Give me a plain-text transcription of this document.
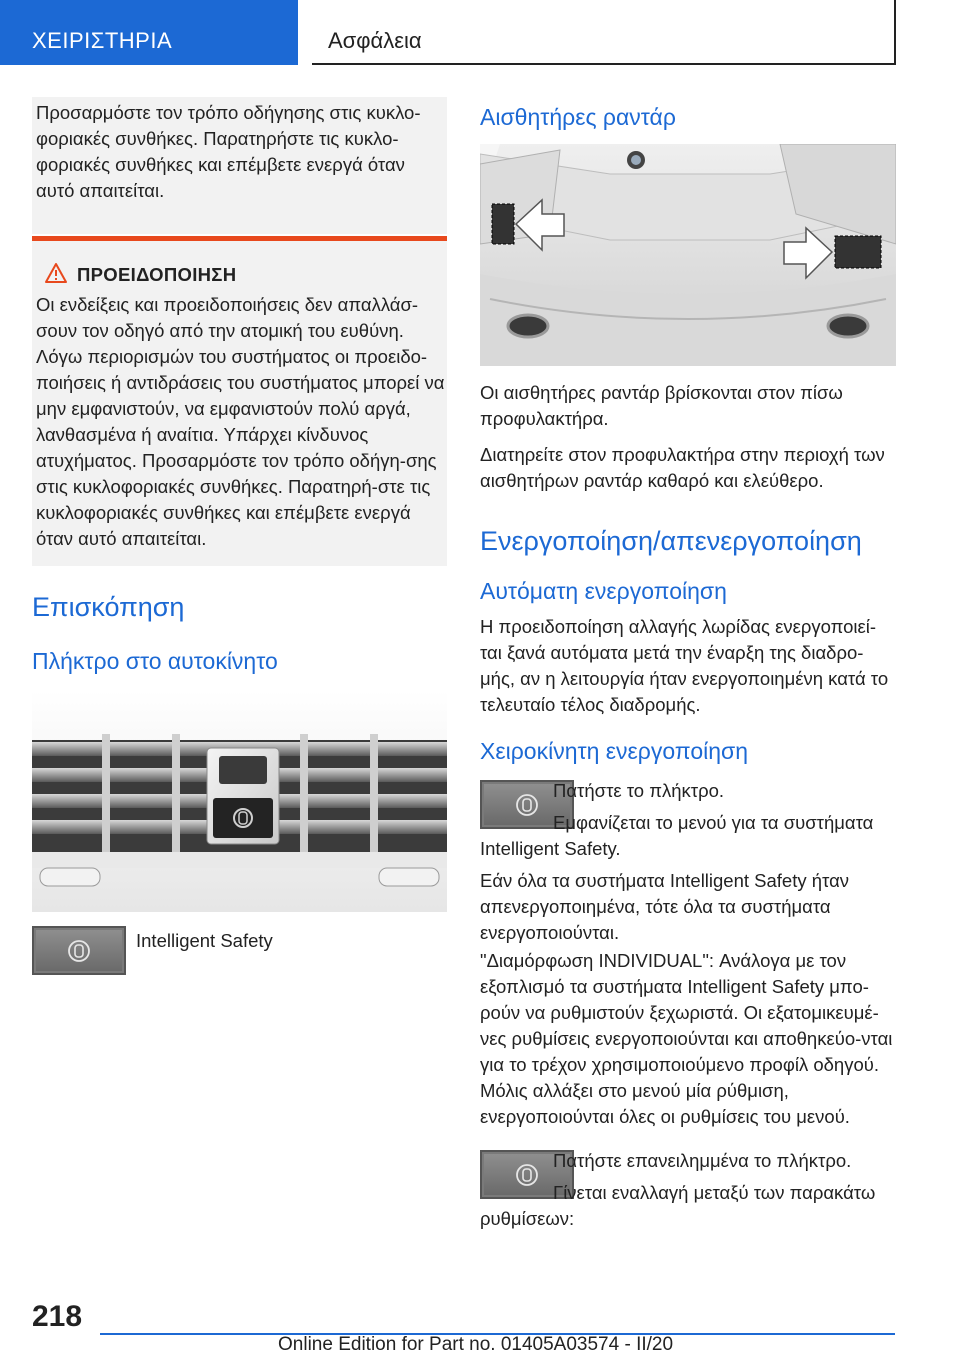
ΧΕΙΡΙΣΤΗΡΙΑ	Ασφάλεια
Προσαρμόστε τον τρόπο οδήγησης στις κυκλο-φοριακές συνθήκες. Παρατηρήστε τις κυκλο-φοριακές συνθήκες και επέμβετε ενεργά όταν αυτό απαιτείται.
ΠΡΟΕΙΔΟΠΟΙΗΣΗ
Οι ενδείξεις και προειδοποιήσεις δεν απαλλάσ-σουν τον οδηγό από την ατομική του ευθύνη. Λόγω περιορισμών του συστήματος οι προειδο-ποιήσεις ή αντιδράσεις του συστήματος μπορεί να μην εμφανιστούν, να εμφανιστούν πολύ αργά, λανθασμένα ή αναίτια. Υπάρχει κίνδυνος ατυχήματος. Προσαρμόστε τον τρόπο οδήγη-σης στις κυκλοφοριακές συνθήκες. Παρατηρή-στε τις κυκλοφοριακές συνθήκες και επέμβετε ενεργά όταν αυτό απαιτείται.
Επισκόπηση
Πλήκτρο στο αυτοκίνητο
Intelligent Safety
Αισθητήρες ραντάρ

Οι αισθητήρες ραντάρ βρίσκονται στον πίσω προφυλακτήρα.

Διατηρείτε στον προφυλακτήρα στην περιοχή των αισθητήρων ραντάρ καθαρό και ελεύθερο.

Ενεργοποίηση/απενεργοποίηση
Αυτόματη ενεργοποίηση
Η προειδοποίηση αλλαγής λωρίδας ενεργοποιεί-ται ξανά αυτόματα μετά την έναρξη της διαδρο-μής, αν η λειτουργία ήταν ενεργοποιημένη κατά το τελευταίο τέλος διαδρομής.
Χειροκίνητη ενεργοποίηση
Πατήστε το πλήκτρο.
Εμφανίζεται το μενού για τα συστήματα Intelligent Safety.
Εάν όλα τα συστήματα Intelligent Safety ήταν απενεργοποιημένα, τότε όλα τα συστήματα ενεργοποιούνται.
"Διαμόρφωση INDIVIDUAL": Ανάλογα με τον εξοπλισμό τα συστήματα Intelligent Safety μπο-ρούν να ρυθμιστούν ξεχωριστά. Οι εξατομικευμέ-νες ρυθμίσεις ενεργοποιούνται και αποθηκεύο-νται για το τρέχον χρησιμοποιούμενο προφίλ οδηγού. Μόλις αλλάξει στο μενού μία ρύθμιση, ενεργοποιούνται όλες οι ρυθμίσεις του μενού.
Πατήστε επανειλημμένα το πλήκτρο.
Γίνεται εναλλαγή μεταξύ των παρακάτω ρυθμίσεων:
218
Online Edition for Part no. 01405A03574 - II/20
